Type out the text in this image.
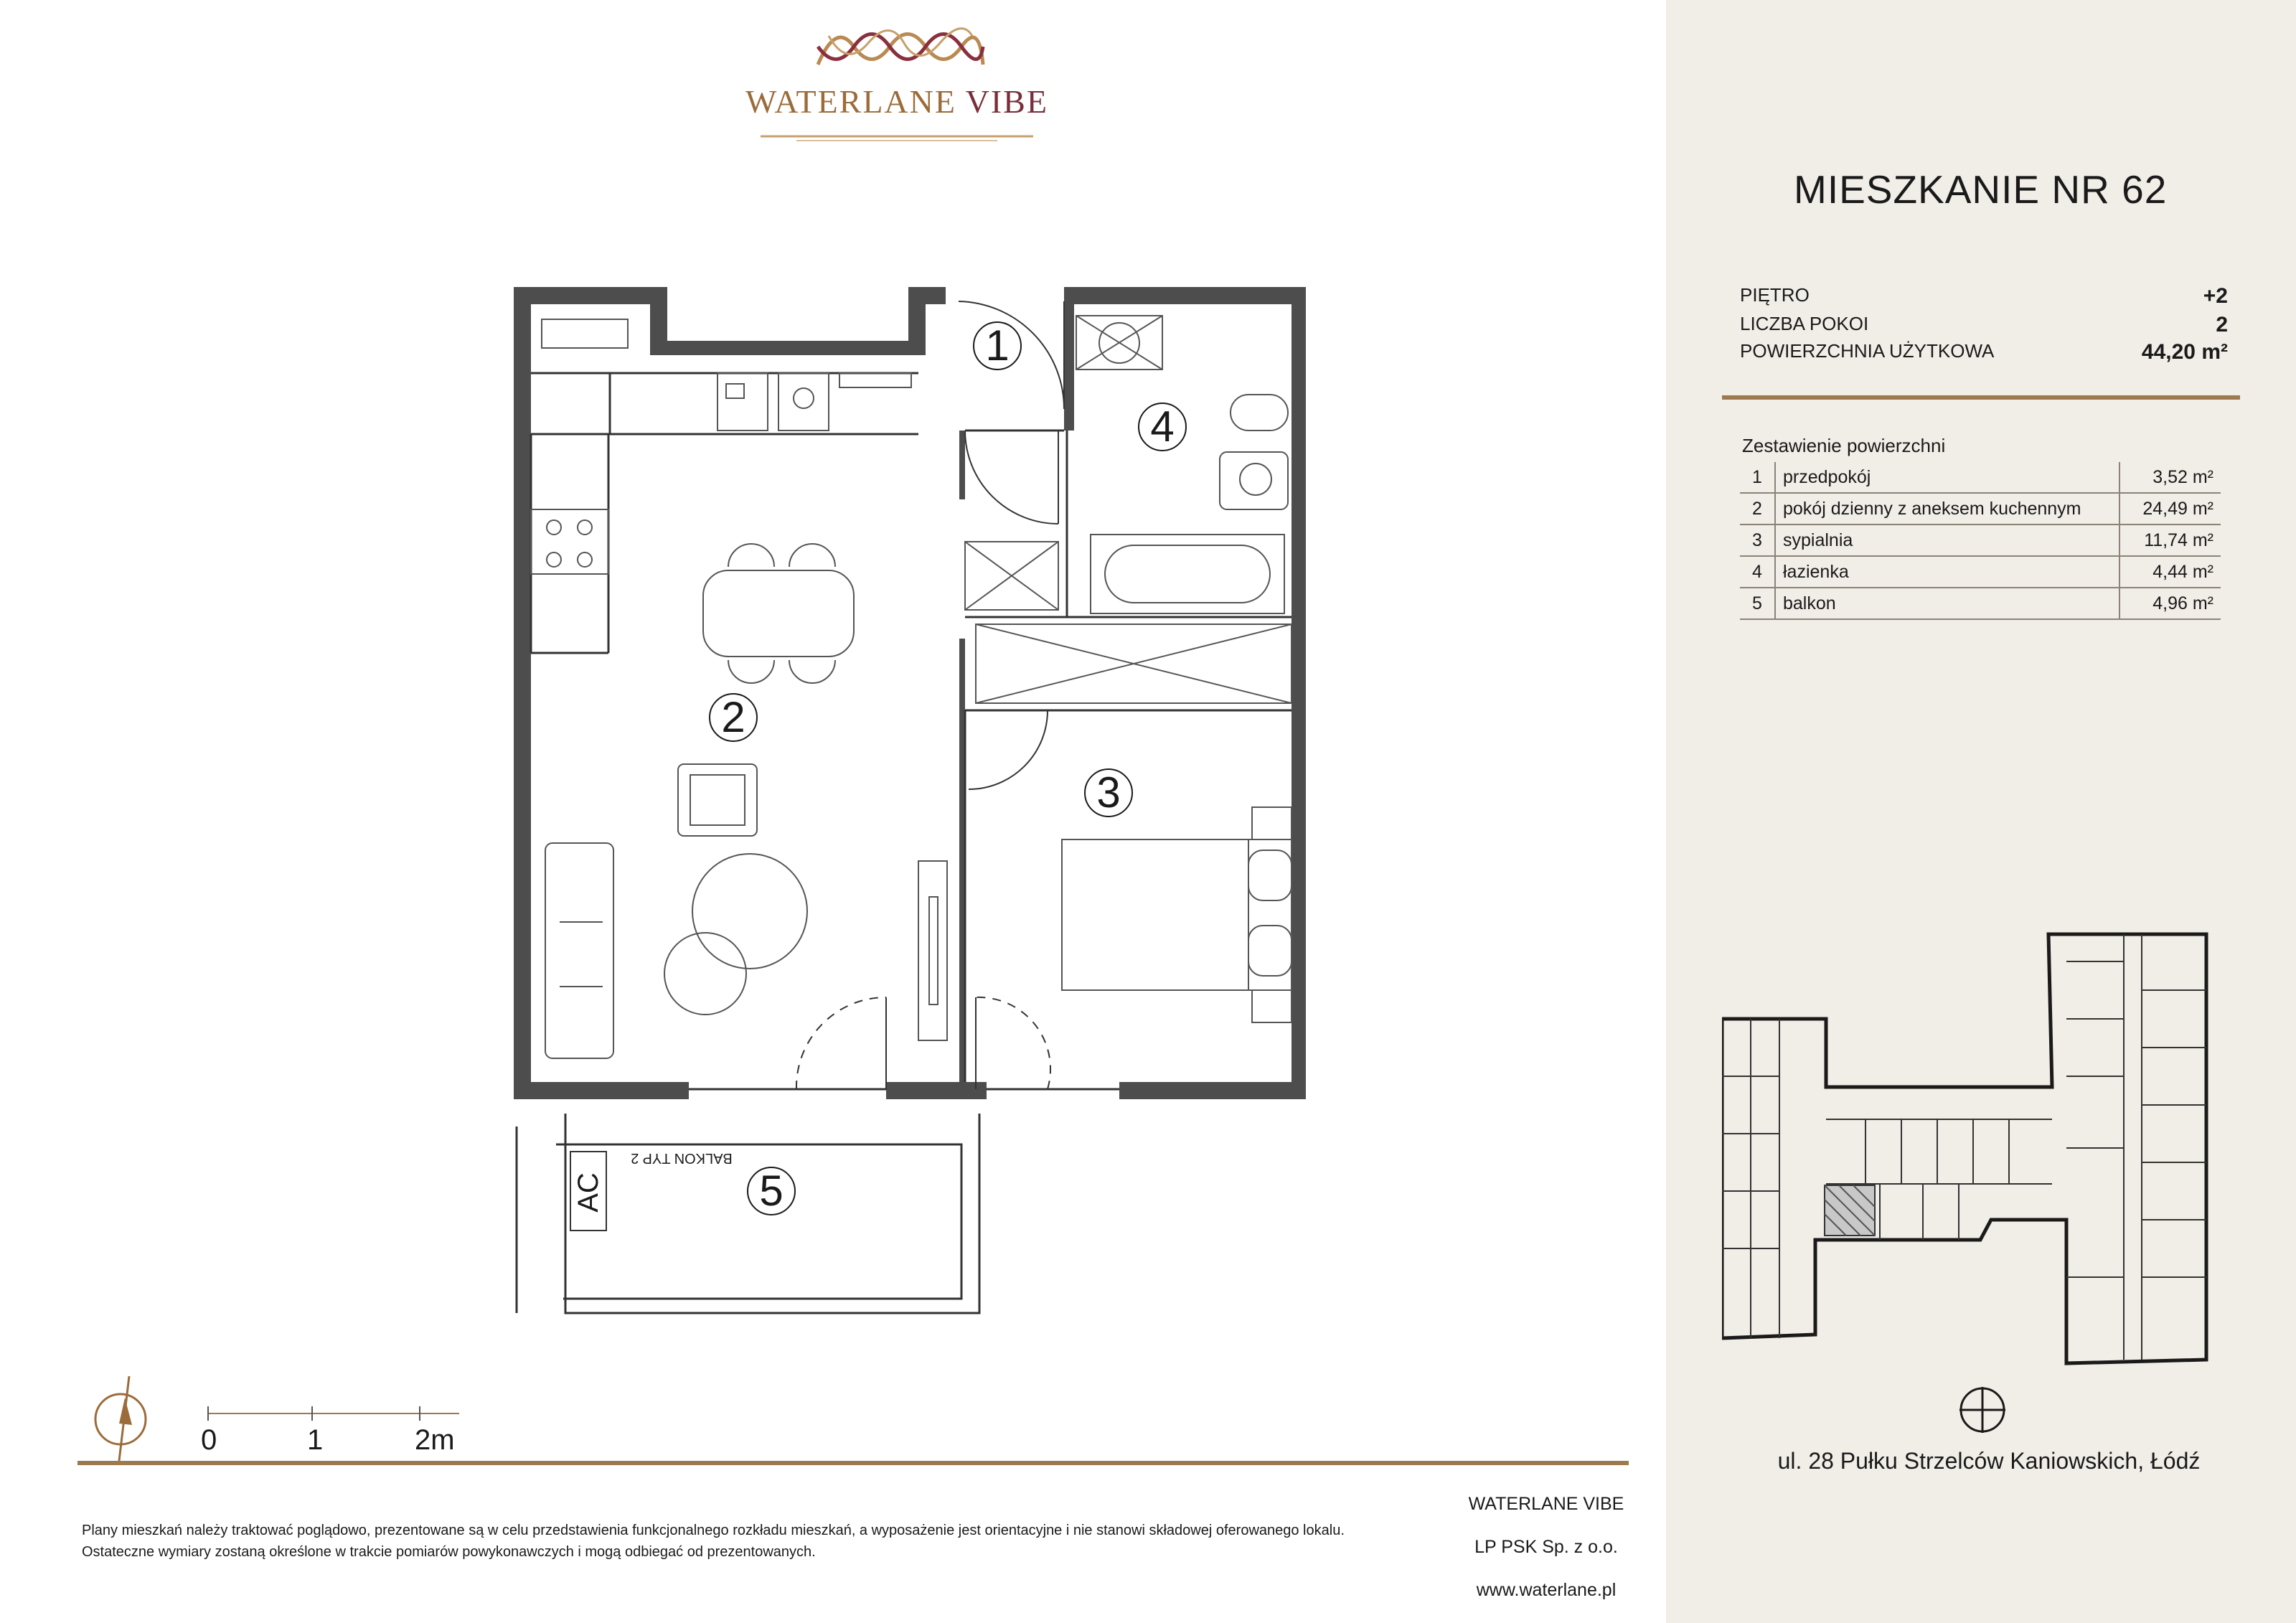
WATERLANE VIBE
1
2
3
4
5
BALKON TYP 2
AC
0	1	2m
Plany mieszkań należy traktować poglądowo, prezentowane są w celu przedstawienia funkcjonalnego rozkładu mieszkań, a wyposażenie jest orientacyjne i nie stanowi składowej oferowanego lokalu.
Ostateczne wymiary zostaną określone w trakcie pomiarów powykonawczych i mogą odbiegać od prezentowanych.
WATERLANE VIBE
LP PSK Sp. z o.o.
www.waterlane.pl
MIESZKANIE NR 62
PIĘTRO	+2
LICZBA POKOI	2
POWIERZCHNIA UŻYTKOWA	44,20 m²
Zestawienie powierzchni
1	przedpokój	3,52 m²
2	pokój dzienny z aneksem kuchennym	24,49 m²
3	sypialnia	11,74 m²
4	łazienka	4,44 m²
5	balkon	4,96 m²
ul. 28 Pułku Strzelców Kaniowskich, Łódź
